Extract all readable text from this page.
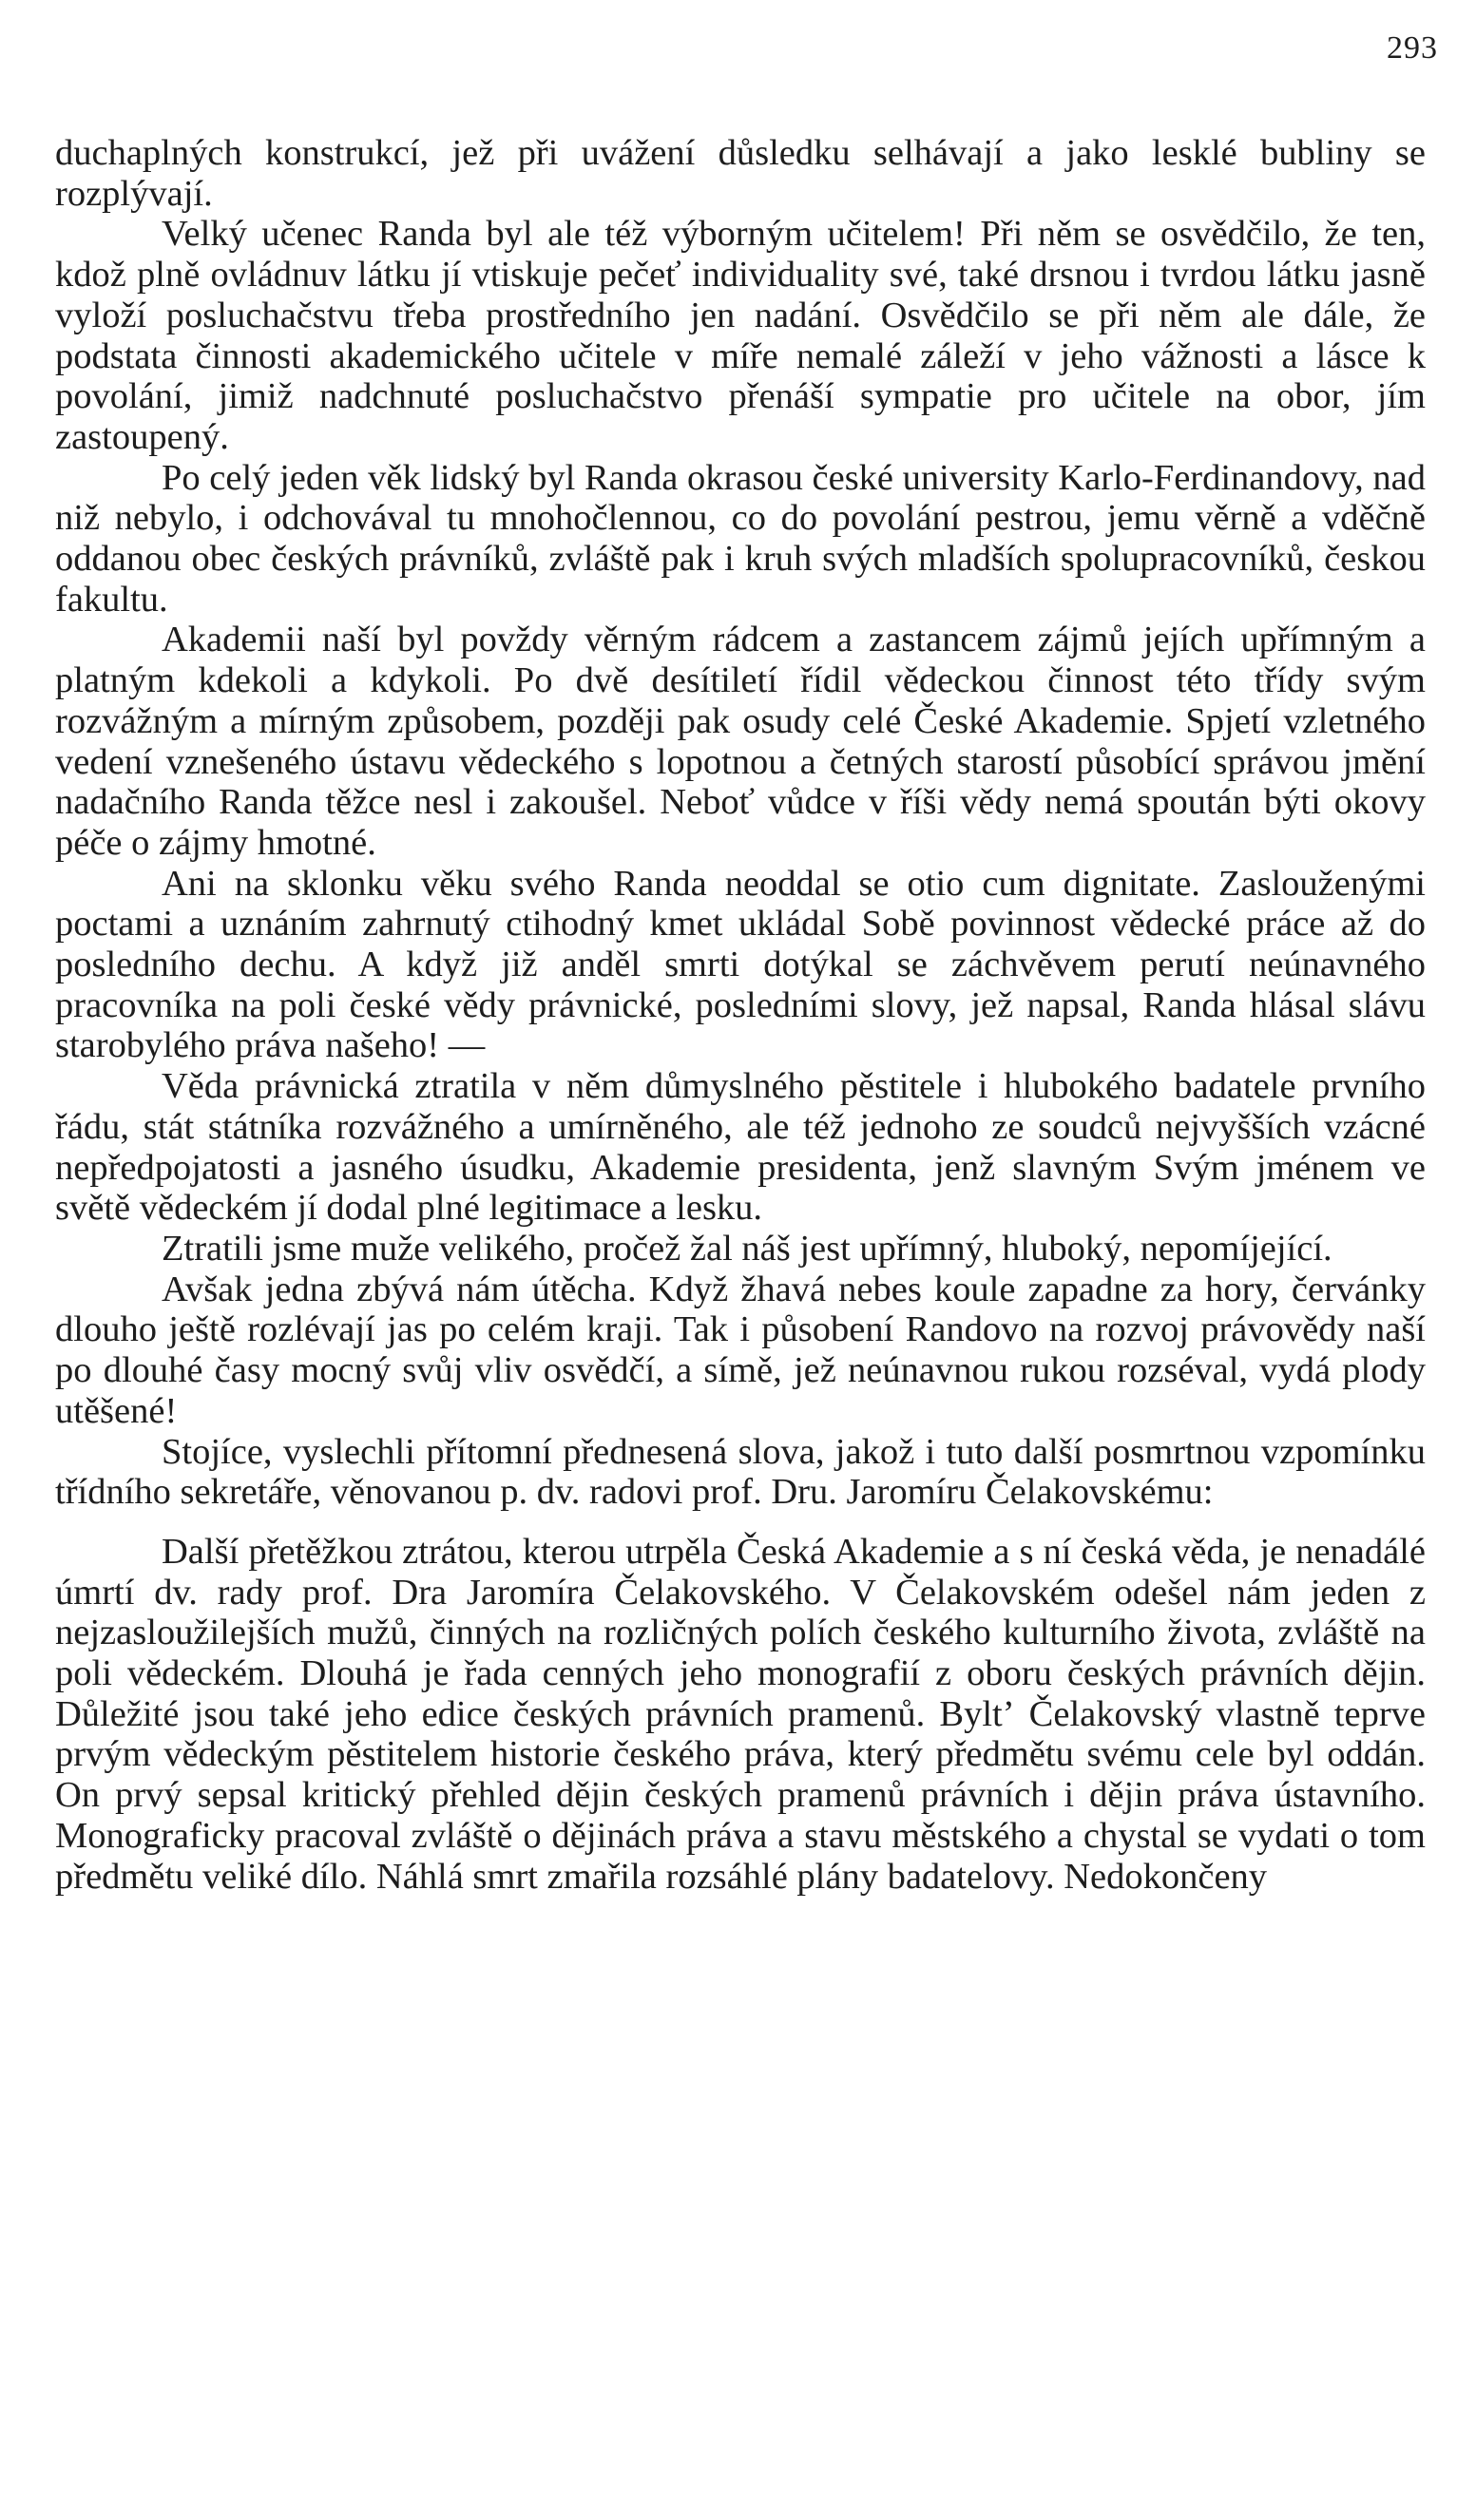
293

duchaplných konstrukcí, jež při uvážení důsledku selhávají a jako lesklé bubliny se rozplývají.

Velký učenec Randa byl ale též výborným učitelem! Při něm se osvědčilo, že ten, kdož plně ovládnuv látku jí vtiskuje pečeť individuality své, také drsnou i tvrdou látku jasně vyloží posluchačstvu třeba prostředního jen nadání. Osvědčilo se při něm ale dále, že podstata činnosti akademického učitele v míře nemalé záleží v jeho vážnosti a lásce k povolání, jimiž nadchnuté posluchačstvo přenáší sympatie pro učitele na obor, jím zastoupený.

Po celý jeden věk lidský byl Randa okrasou české university Karlo-Ferdinandovy, nad niž nebylo, i odchovával tu mnohočlennou, co do povolání pestrou, jemu věrně a vděčně oddanou obec českých právníků, zvláště pak i kruh svých mladších spolupracovníků, českou fakultu.

Akademii naší byl povždy věrným rádcem a zastancem zájmů jejích upřímným a platným kdekoli a kdykoli. Po dvě desítiletí řídil vědeckou činnost této třídy svým rozvážným a mírným způsobem, později pak osudy celé České Akademie. Spjetí vzletného vedení vznešeného ústavu vědeckého s lopotnou a četných starostí působící správou jmění nadačního Randa těžce nesl i zakoušel. Neboť vůdce v říši vědy nemá spoután býti okovy péče o zájmy hmotné.

Ani na sklonku věku svého Randa neoddal se otio cum dignitate. Zasloužen​ými poctami a uznáním zahrnutý ctihodný kmet ukládal Sobě povinnost vědecké práce až do posledního dechu. A když již anděl smrti dotýkal se záchvěvem perutí neúnavného pracovníka na poli české vědy právnické, posledními slovy, jež napsal, Randa hlásal slávu starobylého práva našeho! —

Věda právnická ztratila v něm důmyslného pěstitele i hlubokého badatele prvního řádu, stát státníka rozvážného a umírněného, ale též jednoho ze soudců nejvyšších vzácné nepředpojatosti a jasného úsudku, Akademie presidenta, jenž slavným Svým jménem ve světě vědeckém jí dodal plné legitimace a lesku.

Ztratili jsme muže velikého, pročež žal náš jest upřímný, hluboký, nepomíjející.

Avšak jedna zbývá nám útěcha. Když žhavá nebes koule zapadne za hory, červánky dlouho ještě rozlévají jas po celém kraji. Tak i působení Randovo na rozvoj právovědy naší po dlouhé časy mocný svůj vliv osvědčí, a símě, jež neúnavnou rukou rozséval, vydá plody utěšené!

Stojíce, vyslechli přítomní přednesená slova, jakož i tuto další posmrtnou vzpomínku třídního sekretáře, věnovanou p. dv. radovi prof. Dru. Jaromíru Čelakovskému:

Další přetěžkou ztrátou, kterou utrpěla Česká Akademie a s ní česká věda, je nenadálé úmrtí dv. rady prof. Dra Jaromíra Čelakovského. V Čelakovském odešel nám jeden z nejzasloužilejších mužů, činných na rozličných polích českého kulturního života, zvláště na poli vědeckém. Dlouhá je řada cenných jeho monografií z oboru českých právních dějin. Důležité jsou také jeho edice českých právních pramenů. Byltʼ Čelakovský vlastně teprve prvým vědeckým pěstitelem historie českého práva, který předmětu svému cele byl oddán. On prvý sepsal kritický přehled dějin českých pramenů právních i dějin práva ústavního. Monograficky pracoval zvláště o dějinách práva a stavu městského a chystal se vydati o tom předmětu veliké dílo. Náhlá smrt zmařila rozsáhlé plány badatelovy. Nedokončeny
